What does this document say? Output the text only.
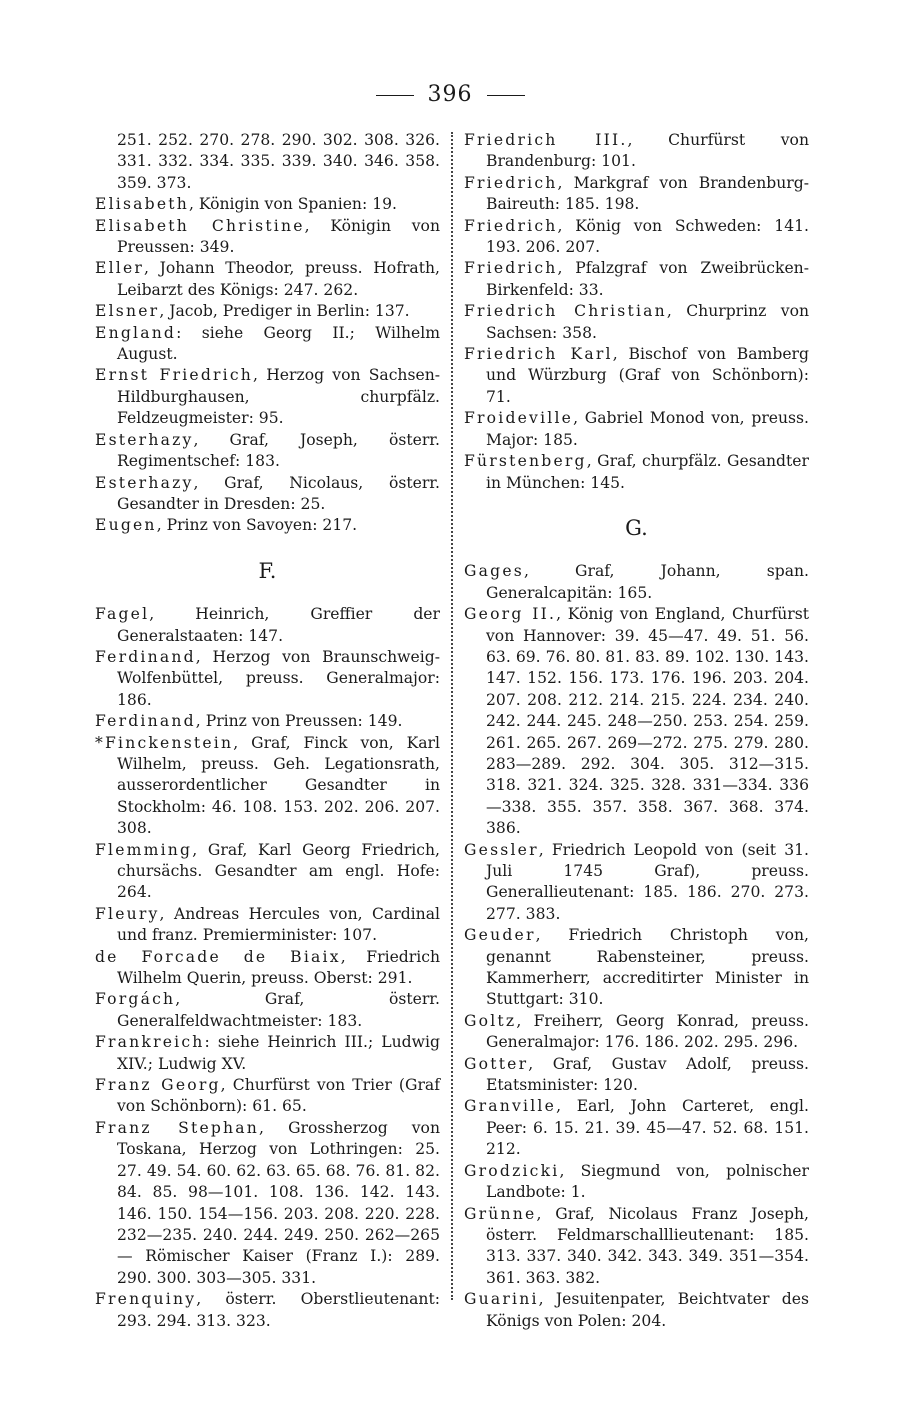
396
251. 252. 270. 278. 290. 302. 308. 326. 331. 332. 334. 335. 339. 340. 346. 358. 359. 373.
Elisabeth, Königin von Spanien: 19.
Elisabeth Christine, Königin von Preussen: 349.
Eller, Johann Theodor, preuss. Hofrath, Leibarzt des Königs: 247. 262.
Elsner, Jacob, Prediger in Berlin: 137.
England: siehe Georg II.; Wilhelm August.
Ernst Friedrich, Herzog von Sachsen-Hildburghausen, churpfälz. Feldzeugmeister: 95.
Esterhazy, Graf, Joseph, österr. Regimentschef: 183.
Esterhazy, Graf, Nicolaus, österr. Gesandter in Dresden: 25.
Eugen, Prinz von Savoyen: 217.
F.
Fagel, Heinrich, Greffier der Generalstaaten: 147.
Ferdinand, Herzog von Braunschweig-Wolfenbüttel, preuss. Generalmajor: 186.
Ferdinand, Prinz von Preussen: 149.
*Finckenstein, Graf, Finck von, Karl Wilhelm, preuss. Geh. Legationsrath, ausserordentlicher Gesandter in Stockholm: 46. 108. 153. 202. 206. 207. 308.
Flemming, Graf, Karl Georg Friedrich, chursächs. Gesandter am engl. Hofe: 264.
Fleury, Andreas Hercules von, Cardinal und franz. Premierminister: 107.
de Forcade de Biaix, Friedrich Wilhelm Querin, preuss. Oberst: 291.
Forgách, Graf, österr. Generalfeldwachtmeister: 183.
Frankreich: siehe Heinrich III.; Ludwig XIV.; Ludwig XV.
Franz Georg, Churfürst von Trier (Graf von Schönborn): 61. 65.
Franz Stephan, Grossherzog von Toskana, Herzog von Lothringen: 25. 27. 49. 54. 60. 62. 63. 65. 68. 76. 81. 82. 84. 85. 98—101. 108. 136. 142. 143. 146. 150. 154—156. 203. 208. 220. 228. 232—235. 240. 244. 249. 250. 262—265 — Römischer Kaiser (Franz I.): 289. 290. 300. 303—305. 331.
Frenquiny, österr. Oberstlieutenant: 293. 294. 313. 323.
Friedrich III., Churfürst von Brandenburg: 101.
Friedrich, Markgraf von Brandenburg-Baireuth: 185. 198.
Friedrich, König von Schweden: 141. 193. 206. 207.
Friedrich, Pfalzgraf von Zweibrücken-Birkenfeld: 33.
Friedrich Christian, Churprinz von Sachsen: 358.
Friedrich Karl, Bischof von Bamberg und Würzburg (Graf von Schönborn): 71.
Froideville, Gabriel Monod von, preuss. Major: 185.
Fürstenberg, Graf, churpfälz. Gesandter in München: 145.
G.
Gages, Graf, Johann, span. Generalcapitän: 165.
Georg II., König von England, Churfürst von Hannover: 39. 45—47. 49. 51. 56. 63. 69. 76. 80. 81. 83. 89. 102. 130. 143. 147. 152. 156. 173. 176. 196. 203. 204. 207. 208. 212. 214. 215. 224. 234. 240. 242. 244. 245. 248—250. 253. 254. 259. 261. 265. 267. 269—272. 275. 279. 280. 283—289. 292. 304. 305. 312—315. 318. 321. 324. 325. 328. 331—334. 336—338. 355. 357. 358. 367. 368. 374. 386.
Gessler, Friedrich Leopold von (seit 31. Juli 1745 Graf), preuss. Generallieutenant: 185. 186. 270. 273. 277. 383.
Geuder, Friedrich Christoph von, genannt Rabensteiner, preuss. Kammerherr, accreditirter Minister in Stuttgart: 310.
Goltz, Freiherr, Georg Konrad, preuss. Generalmajor: 176. 186. 202. 295. 296.
Gotter, Graf, Gustav Adolf, preuss. Etatsminister: 120.
Granville, Earl, John Carteret, engl. Peer: 6. 15. 21. 39. 45—47. 52. 68. 151. 212.
Grodzicki, Siegmund von, polnischer Landbote: 1.
Grünne, Graf, Nicolaus Franz Joseph, österr. Feldmarschalllieutenant: 185. 313. 337. 340. 342. 343. 349. 351—354. 361. 363. 382.
Guarini, Jesuitenpater, Beichtvater des Königs von Polen: 204.
